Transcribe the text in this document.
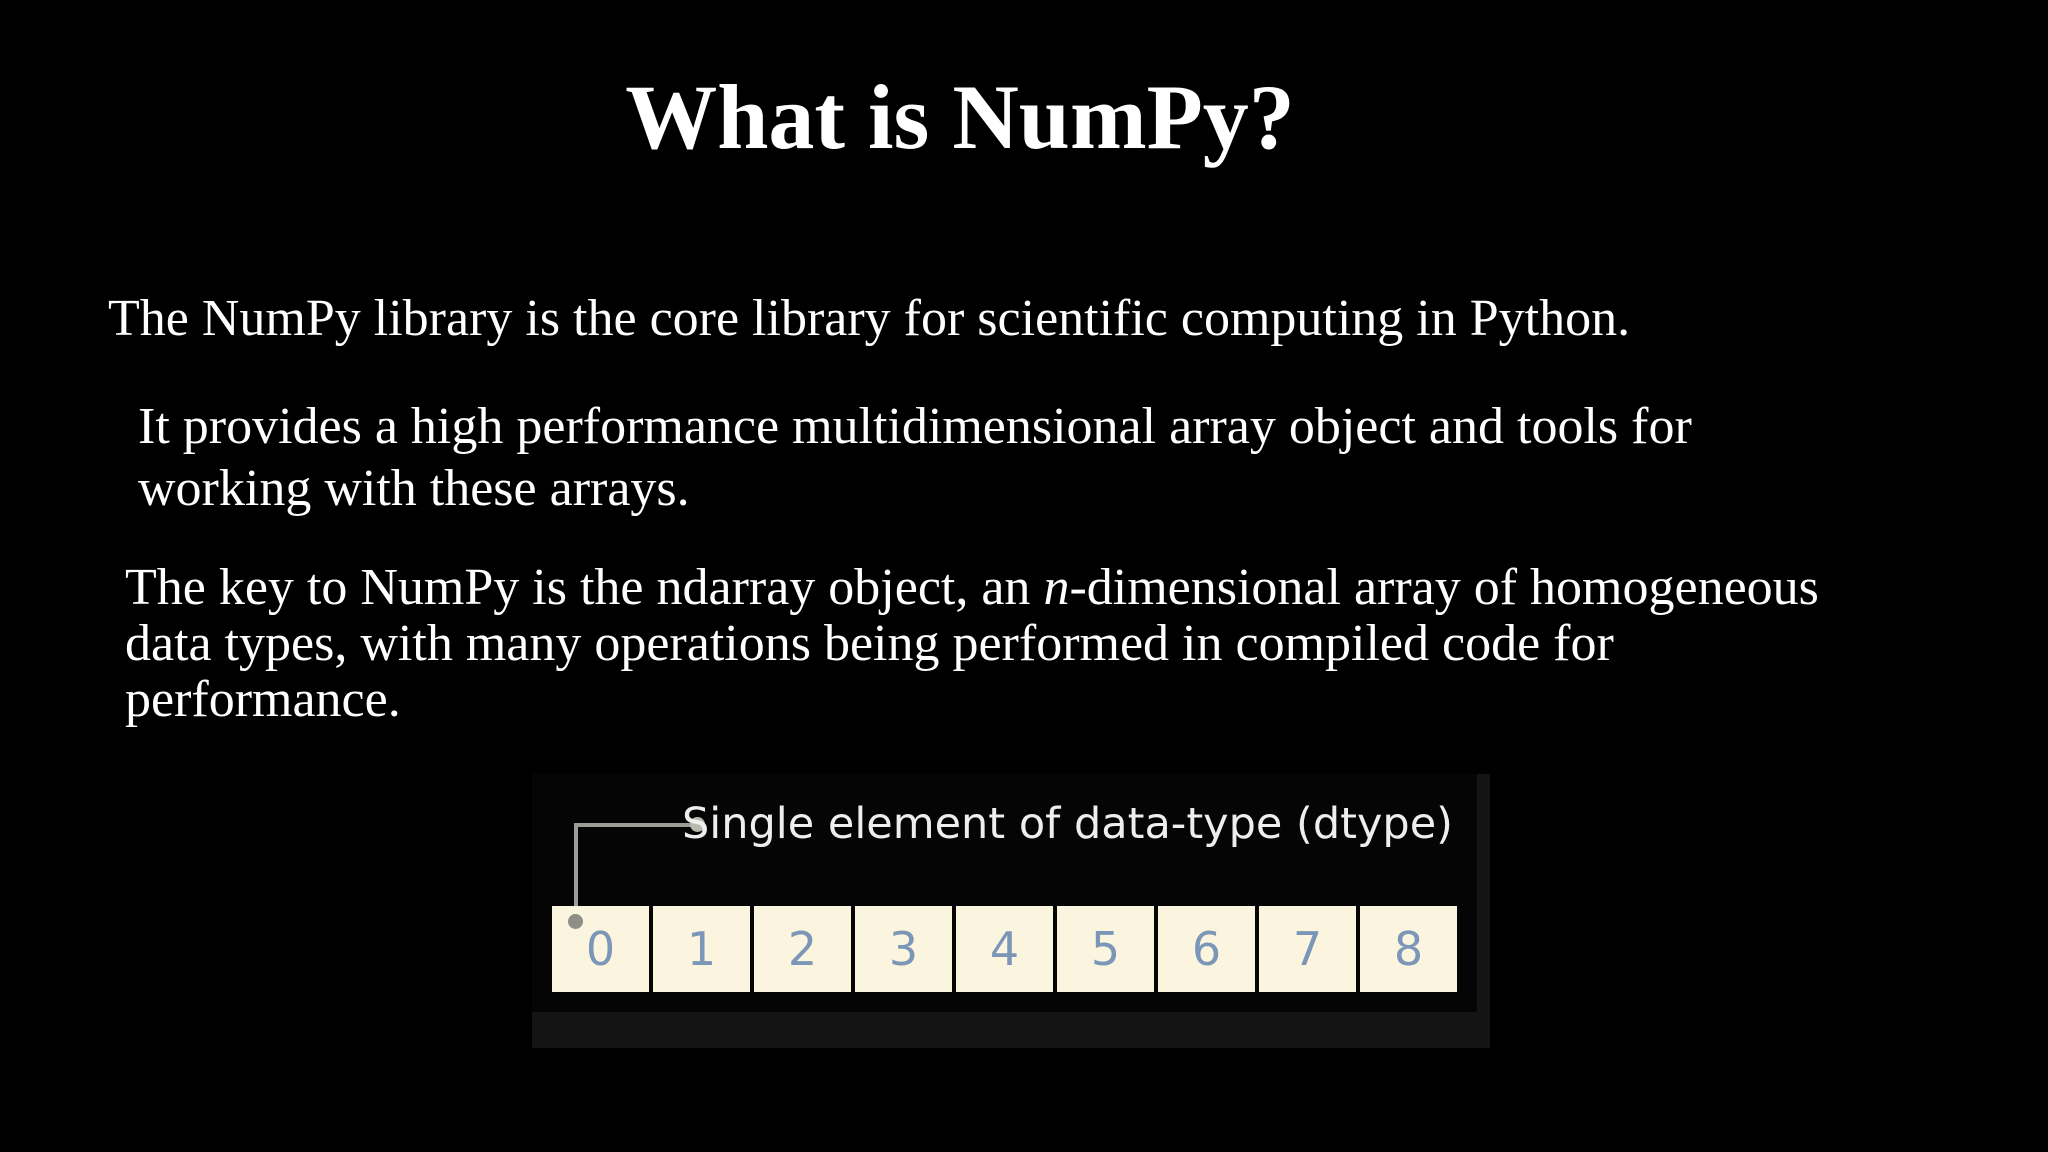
What is NumPy?
The NumPy library is the core library for scientific computing in Python.
It provides a high performance multidimensional array object and tools for
working with these arrays.
The key to NumPy is the ndarray object, an n-dimensional array of homogeneous
data types, with many operations being performed in compiled code for
performance.
Single element of data-type (dtype)
0	1	2	3	4	5	6	7	8
